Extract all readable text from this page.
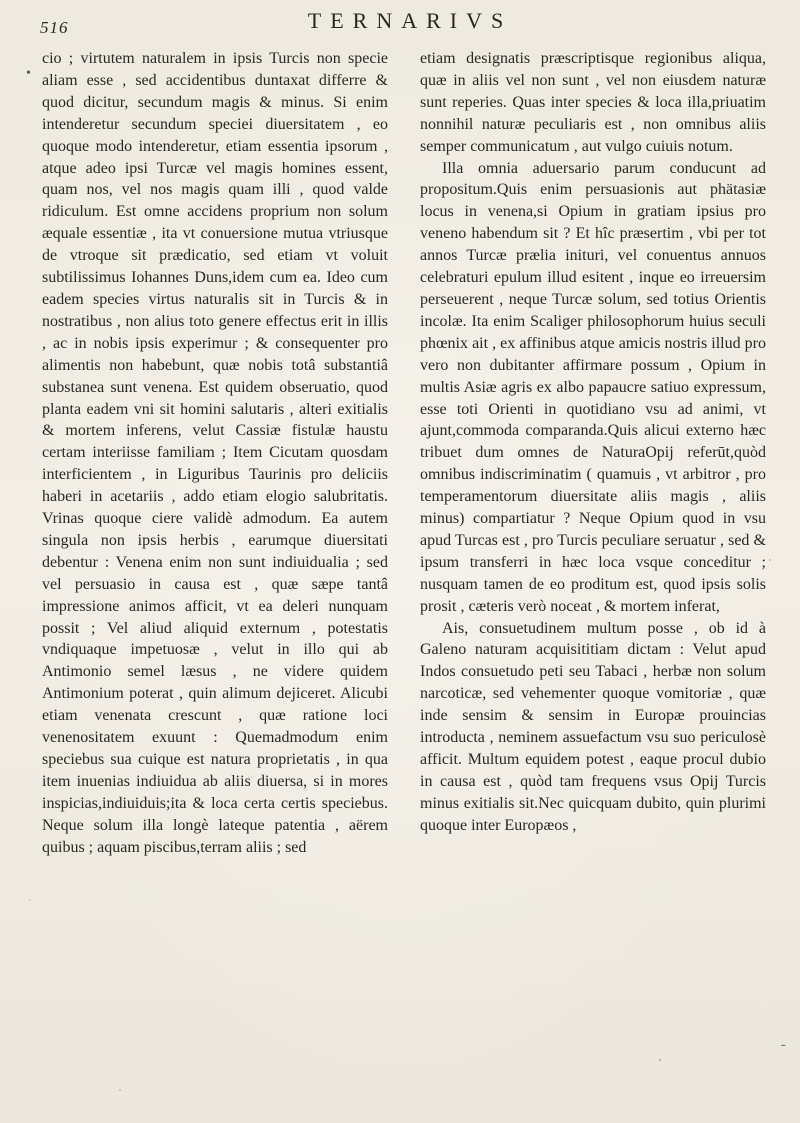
516	TERNARIVS
•

cio ; virtutem naturalem in ipsis Turcis non specie aliam esse , sed accidentibus duntaxat differre & quod dicitur, secundum magis & minus. Si enim intenderetur secundum speciei diuersitatem , eo quoque modo intenderetur, etiam essentia ipsorum , atque adeo ipsi Turcæ vel magis homines essent, quam nos, vel nos magis quam illi , quod valde ridiculum. Est omne accidens proprium non solum æquale essentiæ , ita vt conuersione mutua vtriusque de vtroque sit prædicatio, sed etiam vt voluit subtilissimus Iohannes Duns,idem cum ea. Ideo cum eadem species virtus naturalis sit in Turcis & in nostratibus , non alius toto genere effectus erit in illis , ac in nobis ipsis experimur ; & consequenter pro alimentis non habebunt, quæ nobis totâ substantiâ substanea sunt venena. Est quidem obseruatio, quod planta eadem vni sit homini salutaris , alteri exitialis & mortem inferens, velut Cassiæ fistulæ haustu certam interiisse familiam ; Item Cicutam quosdam interficientem , in Liguribus Taurinis pro deliciis haberi in acetariis , addo etiam elogio salubritatis. Vrinas quoque ciere validè admodum. Ea autem singula non ipsis herbis , earumque diuersitati debentur : Venena enim non sunt indiuidualia ; sed vel persuasio in causa est , quæ sæpe tantâ impressione animos afficit, vt ea deleri nunquam possit ; Vel aliud aliquid externum , potestatis vndiquaque impetuosæ , velut in illo qui ab Antimonio semel læsus , ne videre quidem Antimonium poterat , quin alimum dejiceret. Alicubi etiam venenata crescunt , quæ ratione loci venenositatem exuunt : Quemadmodum enim speciebus sua cuique est natura proprietatis , in qua item inuenias indiuidua ab aliis diuersa, si in mores inspicias,indiuiduis;ita & loca certa certis speciebus. Neque solum illa longè lateque patentia , aërem quibus ; aquam piscibus,terram aliis ; sed

etiam designatis præscriptisque regionibus aliqua, quæ in aliis vel non sunt , vel non eiusdem naturæ sunt reperies. Quas inter species & loca illa,priuatim nonnihil naturæ peculiaris est , non omnibus aliis semper communicatum , aut vulgo cuiuis notum.

Illa omnia aduersario parum conducunt ad propositum.Quis enim persuasionis aut phätasiæ locus in venena,si Opium in gratiam ipsius pro veneno habendum sit ? Et hîc præsertim , vbi per tot annos Turcæ prælia inituri, vel conuentus annuos celebraturi epulum illud esitent , inque eo irreuersim perseuerent , neque Turcæ solum, sed totius Orientis incolæ. Ita enim Scaliger philosophorum huius seculi phœnix ait , ex affinibus atque amicis nostris illud pro vero non dubitanter affirmare possum , Opium in multis Asiæ agris ex albo papaucre satiuo expressum, esse toti Orienti in quotidiano vsu ad animi, vt ajunt,commoda comparanda.Quis alicui externo hæc tribuet dum omnes de NaturaOpij referūt,quòd omnibus indiscriminatim ( quamuis , vt arbitror , pro temperamentorum diuersitate aliis magis , aliis minus) compartiatur ? Neque Opium quod in vsu apud Turcas est , pro Turcis peculiare seruatur , sed & ipsum transferri in hæc loca vsque conceditur ; nusquam tamen de eo proditum est, quod ipsis solis prosit , cæteris verò noceat , & mortem inferat,

Ais, consuetudinem multum posse , ob id à Galeno naturam acquisititiam dictam : Velut apud Indos consuetudo peti seu Tabaci , herbæ non solum narcoticæ, sed vehementer quoque vomitoriæ , quæ inde sensim & sensim in Europæ prouincias introducta , neminem assuefactum vsu suo periculosè afficit. Multum equidem potest , eaque procul dubio in causa est , quòd tam frequens vsus Opij Turcis minus exitialis sit.Nec quicquam dubito, quin plurimi quoque inter Europæos ,

-
